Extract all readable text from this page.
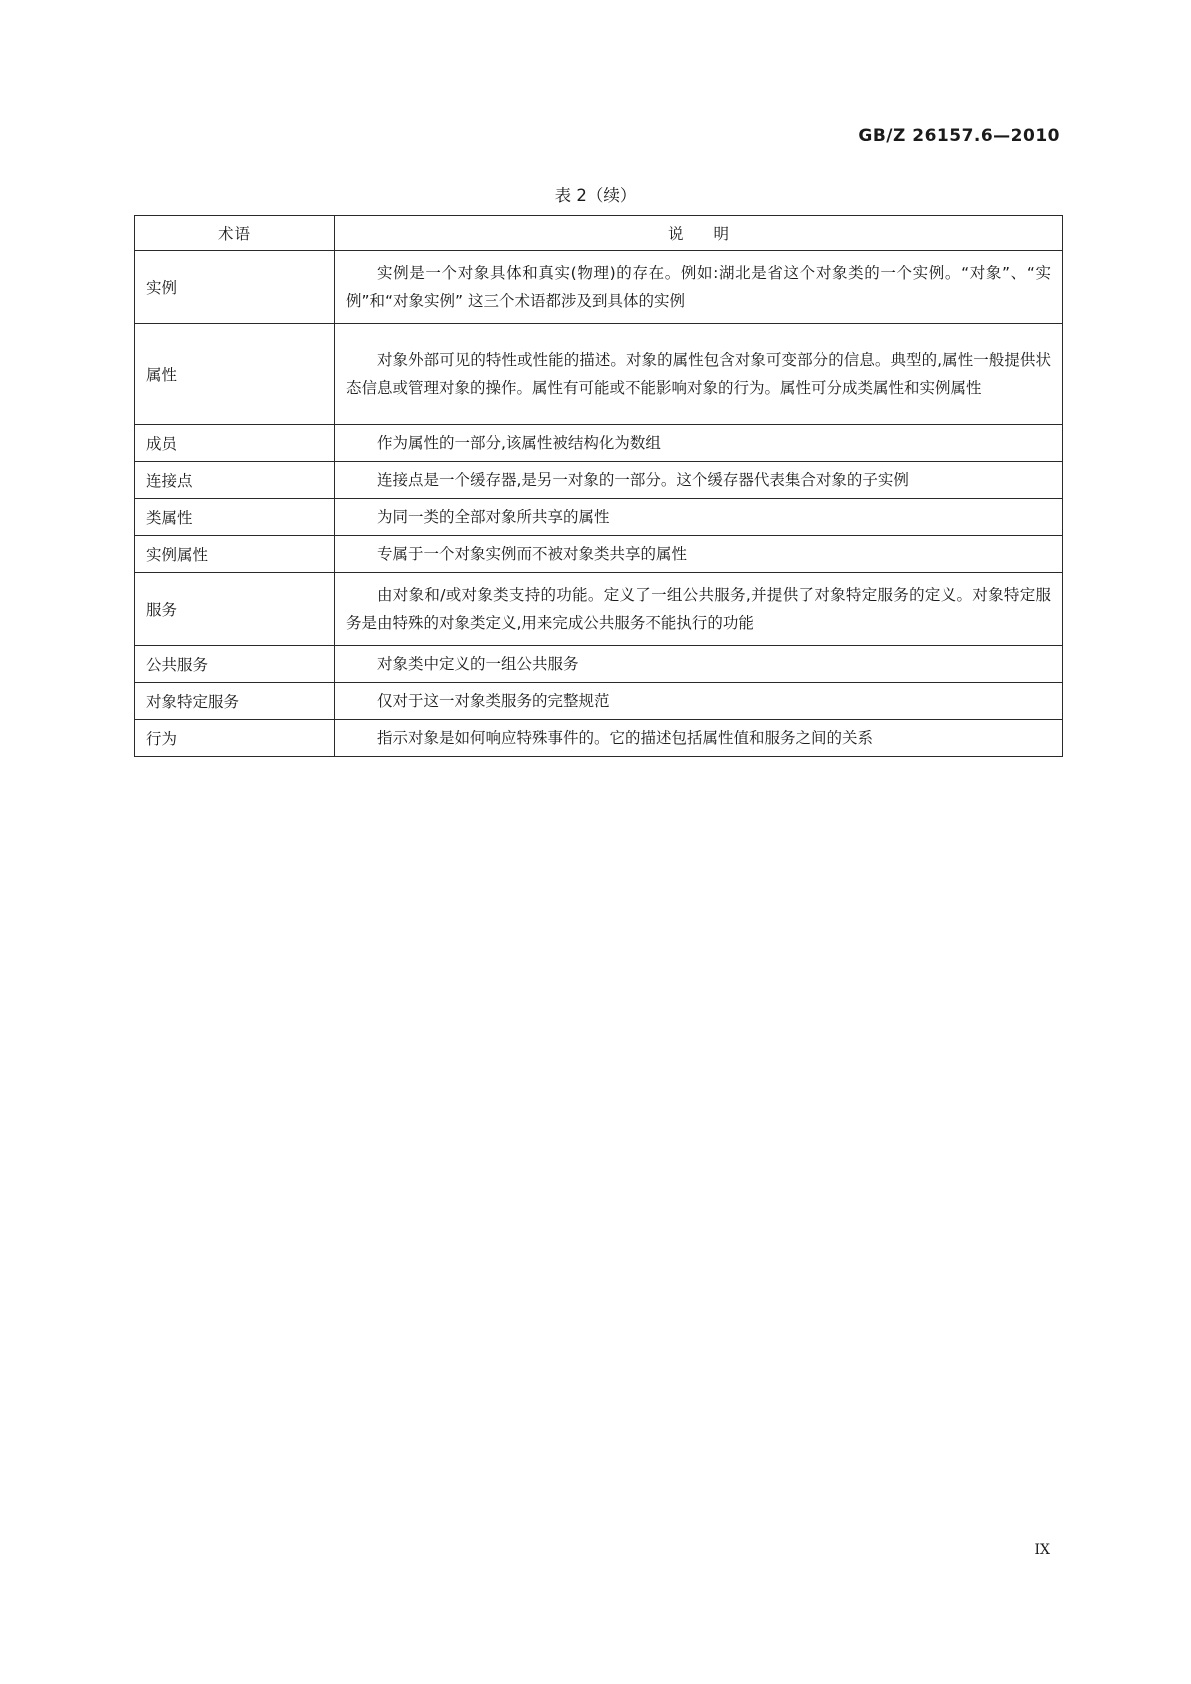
GB/Z 26157.6—2010
表 2（续）
术语	说明
实例	实例是一个对象具体和真实(物理)的存在。例如:湖北是省这个对象类的一个实例。“对象”、“实例”和“对象实例” 这三个术语都涉及到具体的实例
属性	对象外部可见的特性或性能的描述。对象的属性包含对象可变部分的信息。典型的,属性一般提供状态信息或管理对象的操作。属性有可能或不能影响对象的行为。属性可分成类属性和实例属性
成员	作为属性的一部分,该属性被结构化为数组
连接点	连接点是一个缓存器,是另一对象的一部分。这个缓存器代表集合对象的子实例
类属性	为同一类的全部对象所共享的属性
实例属性	专属于一个对象实例而不被对象类共享的属性
服务	由对象和/或对象类支持的功能。定义了一组公共服务,并提供了对象特定服务的定义。对象特定服务是由特殊的对象类定义,用来完成公共服务不能执行的功能
公共服务	对象类中定义的一组公共服务
对象特定服务	仅对于这一对象类服务的完整规范
行为	指示对象是如何响应特殊事件的。它的描述包括属性值和服务之间的关系
IX
